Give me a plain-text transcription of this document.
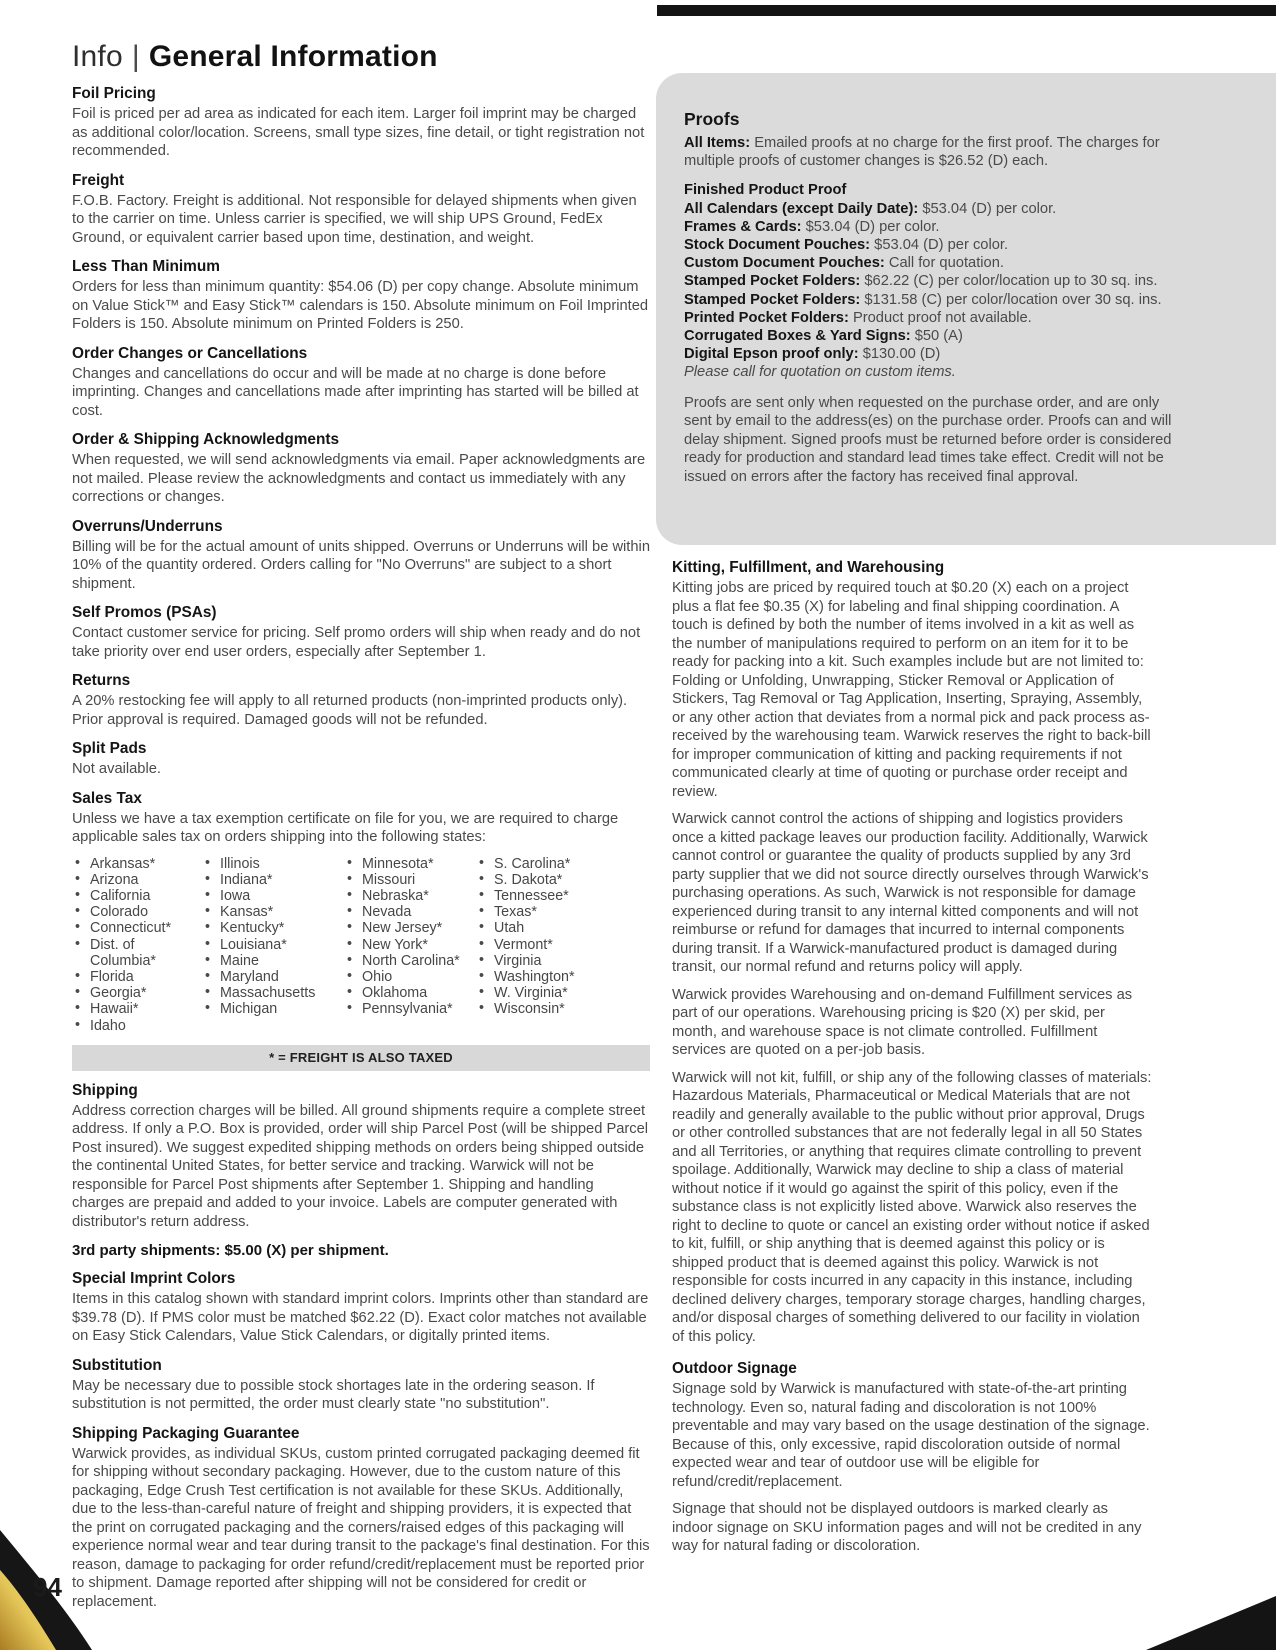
Info | General Information
Foil Pricing

Foil is priced per ad area as indicated for each item. Larger foil imprint may be charged as additional color/location. Screens, small type sizes, fine detail, or tight registration not recommended.

Freight

F.O.B. Factory. Freight is additional. Not responsible for delayed shipments when given to the carrier on time. Unless carrier is specified, we will ship UPS Ground, FedEx Ground, or equivalent carrier based upon time, destination, and weight.

Less Than Minimum

Orders for less than minimum quantity: $54.06 (D) per copy change. Absolute minimum on Value Stick™ and Easy Stick™ calendars is 150. Absolute minimum on Foil Imprinted Folders is 150. Absolute minimum on Printed Folders is 250.

Order Changes or Cancellations

Changes and cancellations do occur and will be made at no charge is done before imprinting. Changes and cancellations made after imprinting has started will be billed at cost.

Order & Shipping Acknowledgments

When requested, we will send acknowledgments via email. Paper acknowledgments are not mailed. Please review the acknowledgments and contact us immediately with any corrections or changes.

Overruns/Underruns

Billing will be for the actual amount of units shipped. Overruns or Underruns will be within 10% of the quantity ordered. Orders calling for "No Overruns" are subject to a short shipment.

Self Promos (PSAs)

Contact customer service for pricing. Self promo orders will ship when ready and do not take priority over end user orders, especially after September 1.

Returns

A 20% restocking fee will apply to all returned products (non-imprinted products only). Prior approval is required. Damaged goods will not be refunded.

Split Pads

Not available.

Sales Tax

Unless we have a tax exemption certificate on file for you, we are required to charge applicable sales tax on orders shipping into the following states:

• Arkansas*
• Arizona
• California
• Colorado
• Connecticut*
• Dist. of Columbia*
• Florida
• Georgia*
• Hawaii*
• Idaho
• Illinois
• Indiana*
• Iowa
• Kansas*
• Kentucky*
• Louisiana*
• Maine
• Maryland
• Massachusetts
• Michigan
• Minnesota*
• Missouri
• Nebraska*
• Nevada
• New Jersey*
• New York*
• North Carolina*
• Ohio
• Oklahoma
• Pennsylvania*
• S. Carolina*
• S. Dakota*
• Tennessee*
• Texas*
• Utah
• Vermont*
• Virginia
• Washington*
• W. Virginia*
• Wisconsin*
* = FREIGHT IS ALSO TAXED
Shipping

Address correction charges will be billed. All ground shipments require a complete street address. If only a P.O. Box is provided, order will ship Parcel Post (will be shipped Parcel Post insured). We suggest expedited shipping methods on orders being shipped outside the continental United States, for better service and tracking. Warwick will not be responsible for Parcel Post shipments after September 1. Shipping and handling charges are prepaid and added to your invoice. Labels are computer generated with distributor's return address.

3rd party shipments: $5.00 (X) per shipment.
Special Imprint Colors

Items in this catalog shown with standard imprint colors. Imprints other than standard are $39.78 (D). If PMS color must be matched $62.22 (D). Exact color matches not available on Easy Stick Calendars, Value Stick Calendars, or digitally printed items.

Substitution

May be necessary due to possible stock shortages late in the ordering season. If substitution is not permitted, the order must clearly state "no substitution".

Shipping Packaging Guarantee

Warwick provides, as individual SKUs, custom printed corrugated packaging deemed fit for shipping without secondary packaging. However, due to the custom nature of this packaging, Edge Crush Test certification is not available for these SKUs. Additionally, due to the less-than-careful nature of freight and shipping providers, it is expected that the print on corrugated packaging and the corners/raised edges of this packaging will experience normal wear and tear during transit to the package's final destination. For this reason, damage to packaging for order refund/credit/replacement must be reported prior to shipment. Damage reported after shipping will not be considered for credit or replacement.

Proofs
All Items: Emailed proofs at no charge for the first proof. The charges for multiple proofs of customer changes is $26.52 (D) each.
Finished Product Proof
All Calendars (except Daily Date): $53.04 (D) per color.
Frames & Cards: $53.04 (D) per color.
Stock Document Pouches: $53.04 (D) per color.
Custom Document Pouches: Call for quotation.
Stamped Pocket Folders: $62.22 (C) per color/location up to 30 sq. ins.
Stamped Pocket Folders: $131.58 (C) per color/location over 30 sq. ins.
Printed Pocket Folders: Product proof not available.
Corrugated Boxes & Yard Signs: $50 (A)
Digital Epson proof only: $130.00 (D)
Please call for quotation on custom items.
Proofs are sent only when requested on the purchase order, and are only sent by email to the address(es) on the purchase order. Proofs can and will delay shipment. Signed proofs must be returned before order is considered ready for production and standard lead times take effect. Credit will not be issued on errors after the factory has received final approval.
Kitting, Fulfillment, and Warehousing

Kitting jobs are priced by required touch at $0.20 (X) each on a project plus a flat fee $0.35 (X) for labeling and final shipping coordination. A touch is defined by both the number of items involved in a kit as well as the number of manipulations required to perform on an item for it to be ready for packing into a kit. Such examples include but are not limited to: Folding or Unfolding, Unwrapping, Sticker Removal or Application of Stickers, Tag Removal or Tag Application, Inserting, Spraying, Assembly, or any other action that deviates from a normal pick and pack process as-received by the warehousing team. Warwick reserves the right to back-bill for improper communication of kitting and packing requirements if not communicated clearly at time of quoting or purchase order receipt and review.

Warwick cannot control the actions of shipping and logistics providers once a kitted package leaves our production facility. Additionally, Warwick cannot control or guarantee the quality of products supplied by any 3rd party supplier that we did not source directly ourselves through Warwick's purchasing operations. As such, Warwick is not responsible for damage experienced during transit to any internal kitted components and will not reimburse or refund for damages that incurred to internal components during transit. If a Warwick-manufactured product is damaged during transit, our normal refund and returns policy will apply.

Warwick provides Warehousing and on-demand Fulfillment services as part of our operations. Warehousing pricing is $20 (X) per skid, per month, and warehouse space is not climate controlled. Fulfillment services are quoted on a per-job basis.

Warwick will not kit, fulfill, or ship any of the following classes of materials: Hazardous Materials, Pharmaceutical or Medical Materials that are not readily and generally available to the public without prior approval, Drugs or other controlled substances that are not federally legal in all 50 States and all Territories, or anything that requires climate controlling to prevent spoilage. Additionally, Warwick may decline to ship a class of material without notice if it would go against the spirit of this policy, even if the substance class is not explicitly listed above. Warwick also reserves the right to decline to quote or cancel an existing order without notice if asked to kit, fulfill, or ship anything that is deemed against this policy or is shipped product that is deemed against this policy. Warwick is not responsible for costs incurred in any capacity in this instance, including declined delivery charges, temporary storage charges, handling charges, and/or disposal charges of something delivered to our facility in violation of this policy.

Outdoor Signage

Signage sold by Warwick is manufactured with state-of-the-art printing technology. Even so, natural fading and discoloration is not 100% preventable and may vary based on the usage destination of the signage. Because of this, only excessive, rapid discoloration outside of normal expected wear and tear of outdoor use will be eligible for refund/credit/replacement.

Signage that should not be displayed outdoors is marked clearly as indoor signage on SKU information pages and will not be credited in any way for natural fading or discoloration.

94
